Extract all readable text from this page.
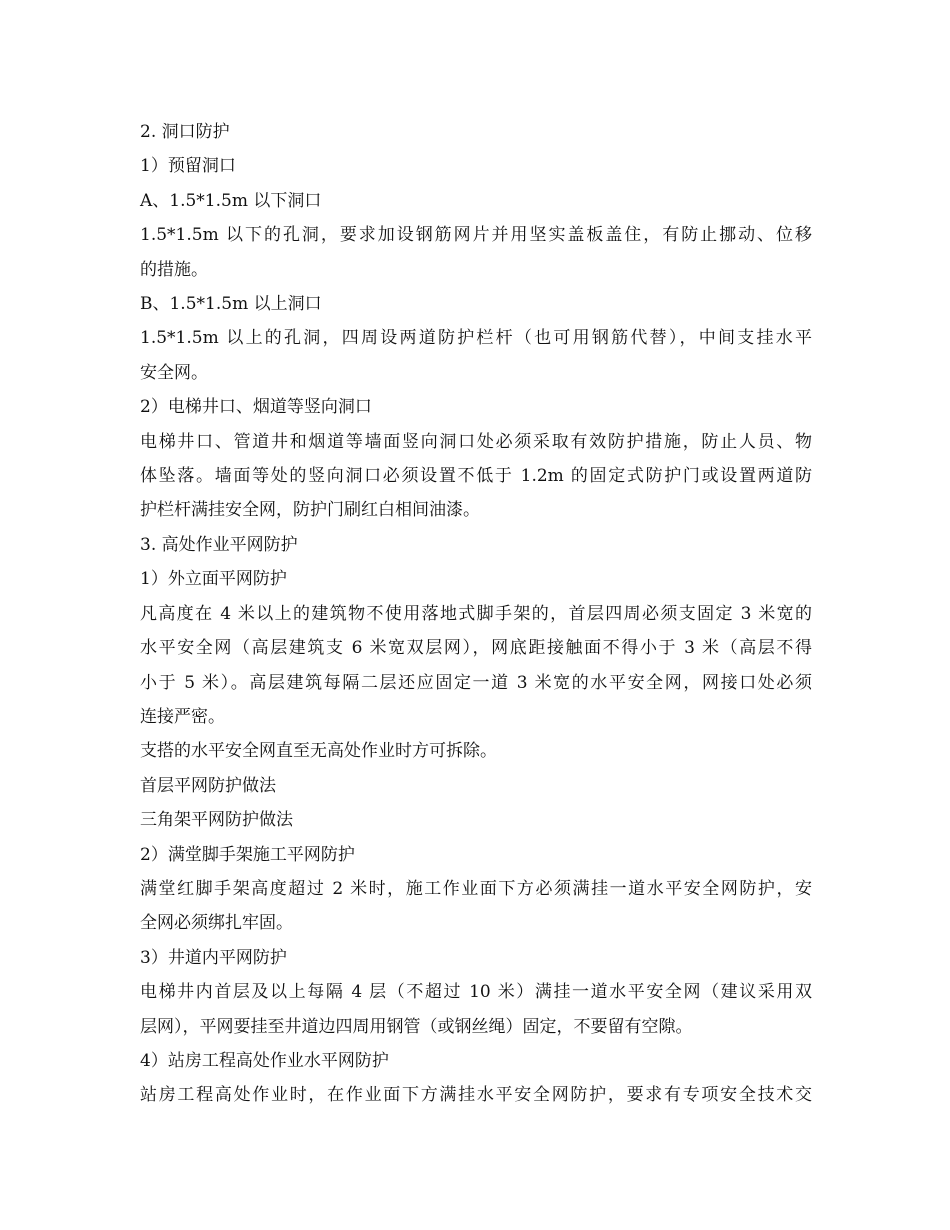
2. 洞口防护
1）预留洞口
A、1.5*1.5m 以下洞口
1.5*1.5m 以下的孔洞，要求加设钢筋网片并用坚实盖板盖住，有防止挪动、位移
的措施。
B、1.5*1.5m 以上洞口
1.5*1.5m 以上的孔洞，四周设两道防护栏杆（也可用钢筋代替），中间支挂水平
安全网。
2）电梯井口、烟道等竖向洞口
电梯井口、管道井和烟道等墙面竖向洞口处必须采取有效防护措施，防止人员、物
体坠落。墙面等处的竖向洞口必须设置不低于 1.2m 的固定式防护门或设置两道防
护栏杆满挂安全网，防护门刷红白相间油漆。
3. 高处作业平网防护
1）外立面平网防护
凡高度在 4 米以上的建筑物不使用落地式脚手架的，首层四周必须支固定 3 米宽的
水平安全网（高层建筑支 6 米宽双层网），网底距接触面不得小于 3 米（高层不得
小于 5 米）。高层建筑每隔二层还应固定一道 3 米宽的水平安全网，网接口处必须
连接严密。
支搭的水平安全网直至无高处作业时方可拆除。
首层平网防护做法
三角架平网防护做法
2）满堂脚手架施工平网防护
满堂红脚手架高度超过 2 米时，施工作业面下方必须满挂一道水平安全网防护，安
全网必须绑扎牢固。
3）井道内平网防护
电梯井内首层及以上每隔 4 层（不超过 10 米）满挂一道水平安全网（建议采用双
层网），平网要挂至井道边四周用钢管（或钢丝绳）固定，不要留有空隙。
4）站房工程高处作业水平网防护
站房工程高处作业时，在作业面下方满挂水平安全网防护，要求有专项安全技术交
